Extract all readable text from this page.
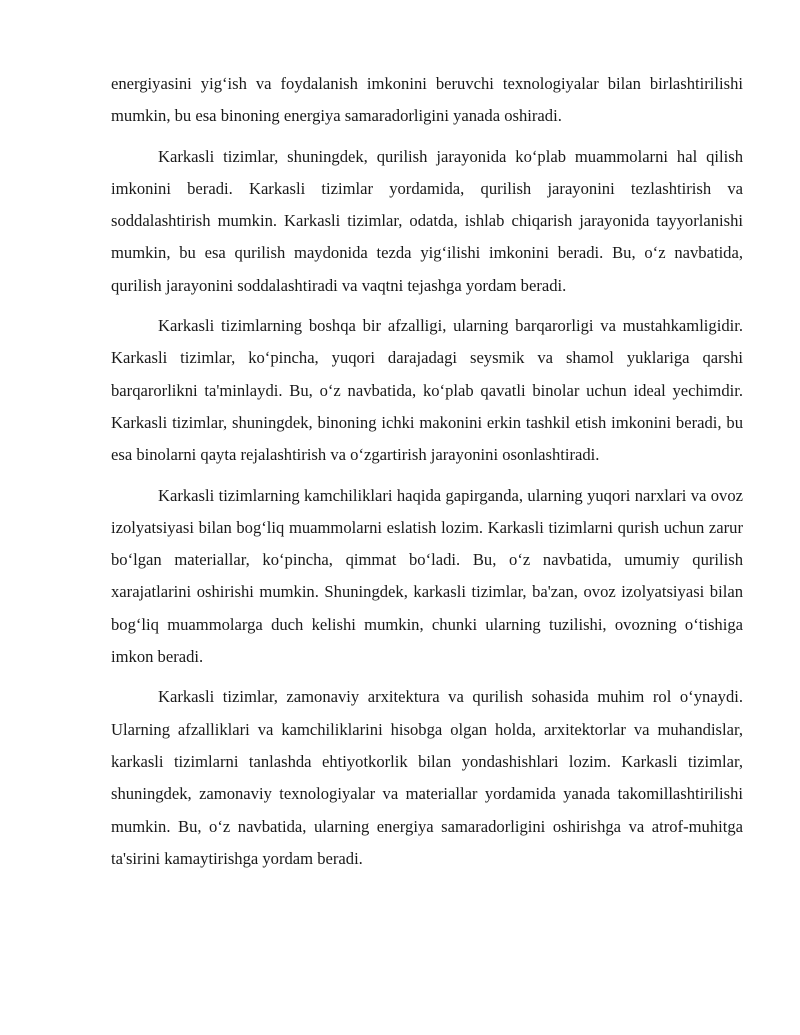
energiyasini yig‘ish va foydalanish imkonini beruvchi texnologiyalar bilan birlashtirilishi mumkin, bu esa binoning energiya samaradorligini yanada oshiradi.

Karkasli tizimlar, shuningdek, qurilish jarayonida ko‘plab muammolarni hal qilish imkonini beradi. Karkasli tizimlar yordamida, qurilish jarayonini tezlashtirish va soddalashtirish mumkin. Karkasli tizimlar, odatda, ishlab chiqarish jarayonida tayyorlanishi mumkin, bu esa qurilish maydonida tezda yig‘ilishi imkonini beradi. Bu, o‘z navbatida, qurilish jarayonini soddalashtiradi va vaqtni tejashga yordam beradi.

Karkasli tizimlarning boshqa bir afzalligi, ularning barqarorligi va mustahkamligidir. Karkasli tizimlar, ko‘pincha, yuqori darajadagi seysmik va shamol yuklariga qarshi barqarorlikni ta'minlaydi. Bu, o‘z navbatida, ko‘plab qavatli binolar uchun ideal yechimdir. Karkasli tizimlar, shuningdek, binoning ichki makonini erkin tashkil etish imkonini beradi, bu esa binolarni qayta rejalashtirish va o‘zgartirish jarayonini osonlashtiradi.

Karkasli tizimlarning kamchiliklari haqida gapirganda, ularning yuqori narxlari va ovoz izolyatsiyasi bilan bog‘liq muammolarni eslatish lozim. Karkasli tizimlarni qurish uchun zarur bo‘lgan materiallar, ko‘pincha, qimmat bo‘ladi. Bu, o‘z navbatida, umumiy qurilish xarajatlarini oshirishi mumkin. Shuningdek, karkasli tizimlar, ba'zan, ovoz izolyatsiyasi bilan bog‘liq muammolarga duch kelishi mumkin, chunki ularning tuzilishi, ovozning o‘tishiga imkon beradi.

Karkasli tizimlar, zamonaviy arxitektura va qurilish sohasida muhim rol o‘ynaydi. Ularning afzalliklari va kamchiliklarini hisobga olgan holda, arxitektorlar va muhandislar, karkasli tizimlarni tanlashda ehtiyotkorlik bilan yondashishlari lozim. Karkasli tizimlar, shuningdek, zamonaviy texnologiyalar va materiallar yordamida yanada takomillashtirilishi mumkin. Bu, o‘z navbatida, ularning energiya samaradorligini oshirishga va atrof-muhitga ta'sirini kamaytirishga yordam beradi.
